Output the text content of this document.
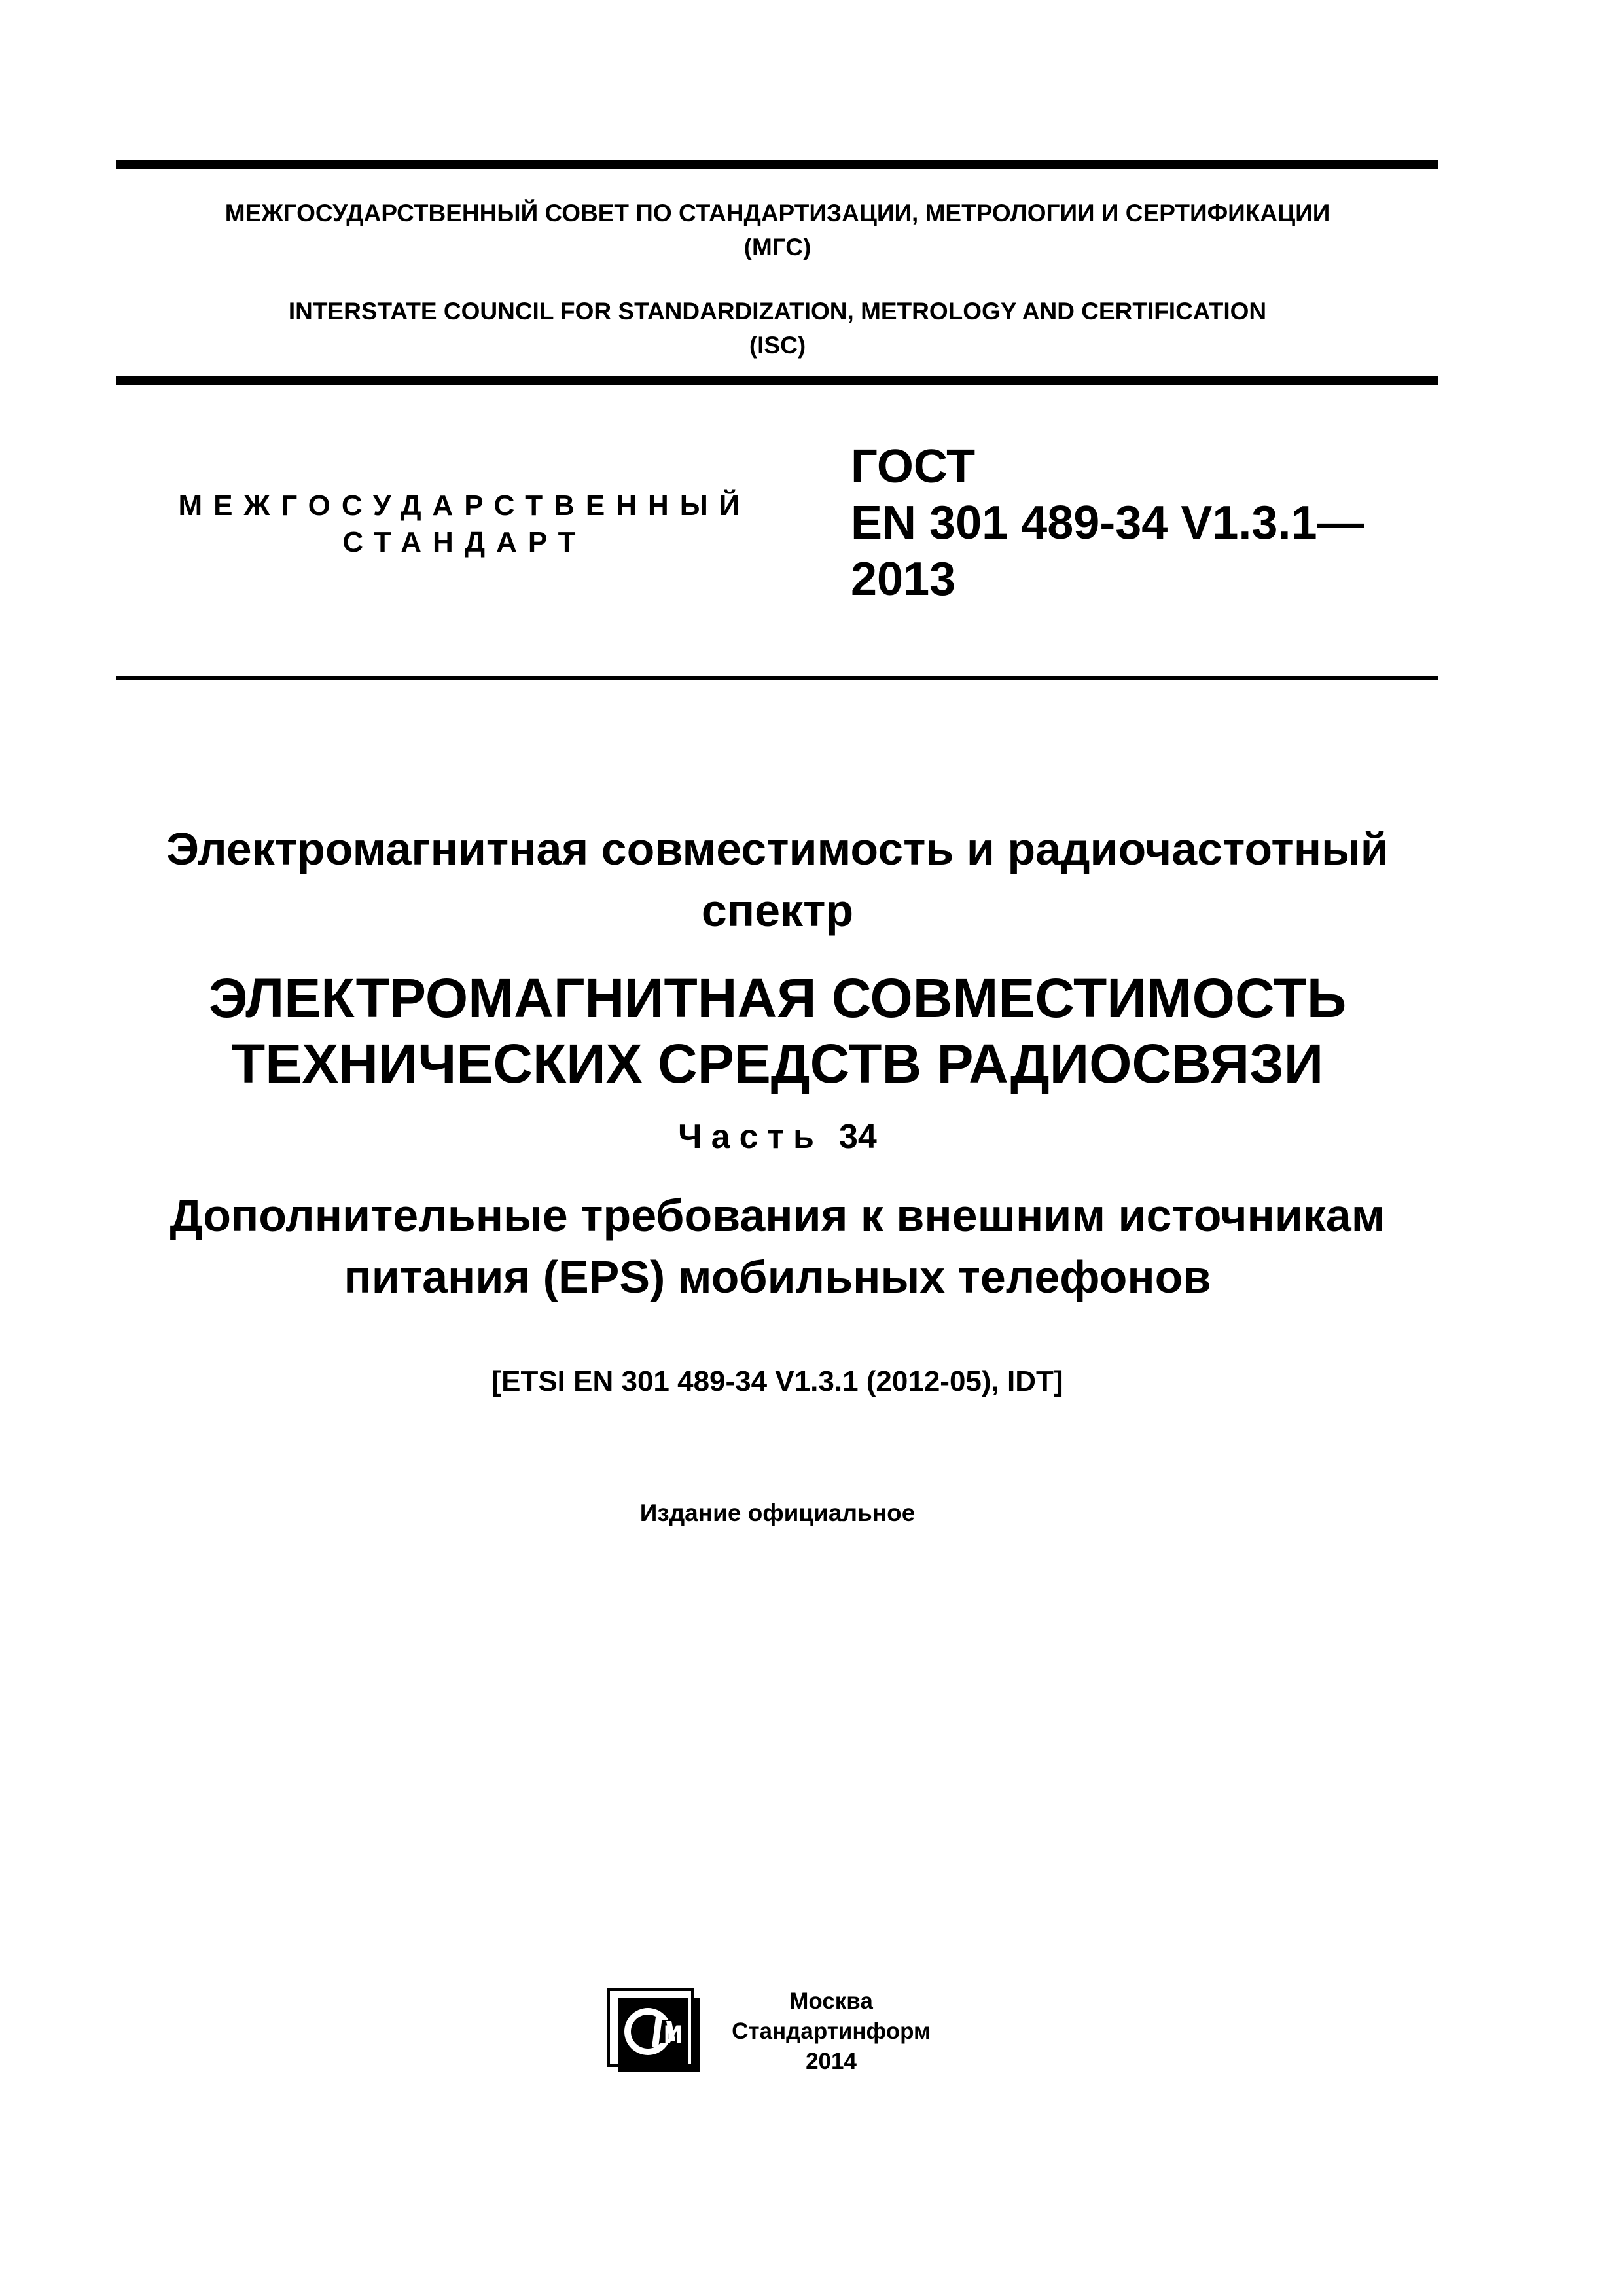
МЕЖГОСУДАРСТВЕННЫЙ СОВЕТ ПО СТАНДАРТИЗАЦИИ, МЕТРОЛОГИИ И СЕРТИФИКАЦИИ
(МГС)
INTERSTATE COUNCIL FOR STANDARDIZATION, METROLOGY AND CERTIFICATION
(ISC)
МЕЖГОСУДАРСТВЕННЫЙ
СТАНДАРТ
ГОСТ
EN 301 489-34 V1.3.1—
2013
Электромагнитная совместимость и радиочастотный
спектр
ЭЛЕКТРОМАГНИТНАЯ СОВМЕСТИМОСТЬ
ТЕХНИЧЕСКИХ СРЕДСТВ РАДИОСВЯЗИ
Часть 34
Дополнительные требования к внешним источникам
питания (EPS) мобильных телефонов
[ETSI EN 301 489-34 V1.3.1 (2012-05), IDT]
Издание официальное
И
Москва
Стандартинформ
2014
